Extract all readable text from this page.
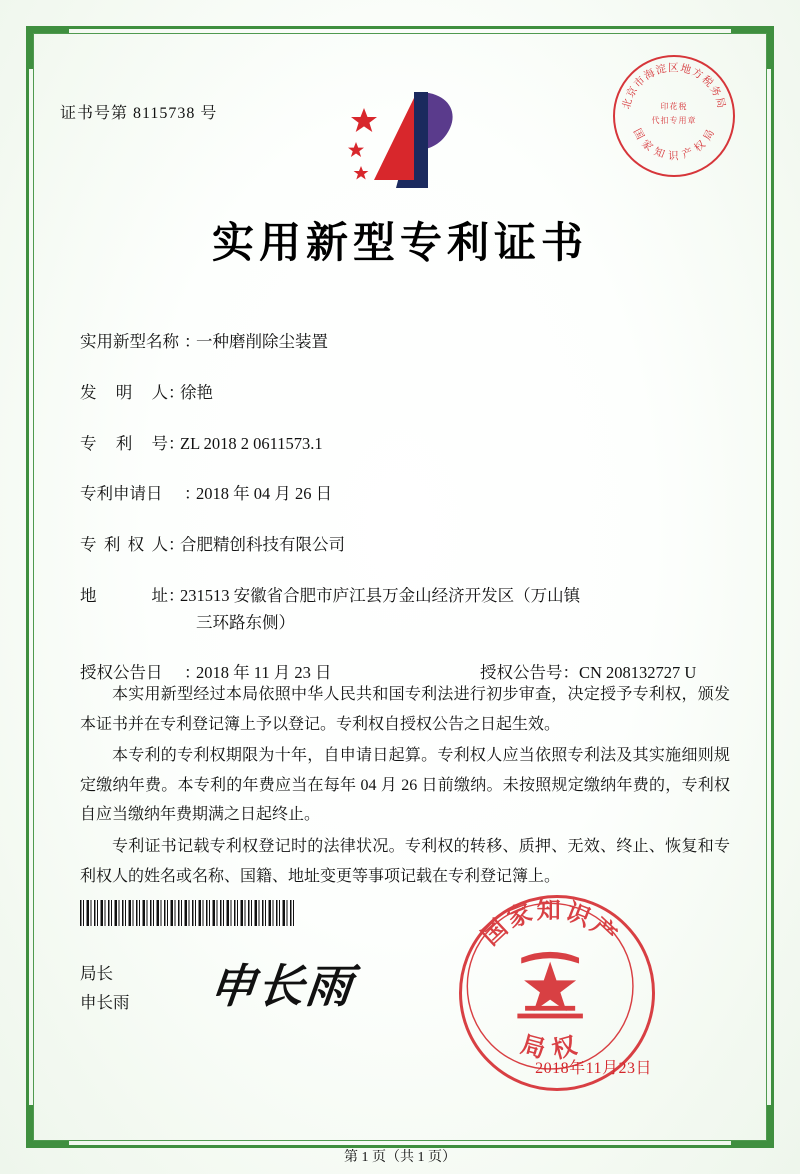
证书号第 8115738 号
北京市海淀区地方税务局
国 家 知 识 产 权 局
印花税
代扣专用章
实用新型专利证书
实用新型名称 ：一种磨削除尘装置
发 明 人：徐艳
专 利 号：ZL 2018 2 0611573.1
专利申请日 ：2018 年 04 月 26 日
专 利 权 人：合肥精创科技有限公司
地 址：231513 安徽省合肥市庐江县万金山经济开发区（万山镇
三环路东侧）
授权公告日 ：2018 年 11 月 23 日	授权公告号：CN 208132727 U

本实用新型经过本局依照中华人民共和国专利法进行初步审查，决定授予专利权，颁发本证书并在专利登记簿上予以登记。专利权自授权公告之日起生效。

本专利的专利权期限为十年，自申请日起算。专利权人应当依照专利法及其实施细则规定缴纳年费。本专利的年费应当在每年 04 月 26 日前缴纳。未按照规定缴纳年费的，专利权自应当缴纳年费期满之日起终止。

专利证书记载专利权登记时的法律状况。专利权的转移、质押、无效、终止、恢复和专利权人的姓名或名称、国籍、地址变更等事项记载在专利登记簿上。

局长
申长雨 申长雨
国家知识产
局 权
2018年11月23日
第 1 页（共 1 页）
